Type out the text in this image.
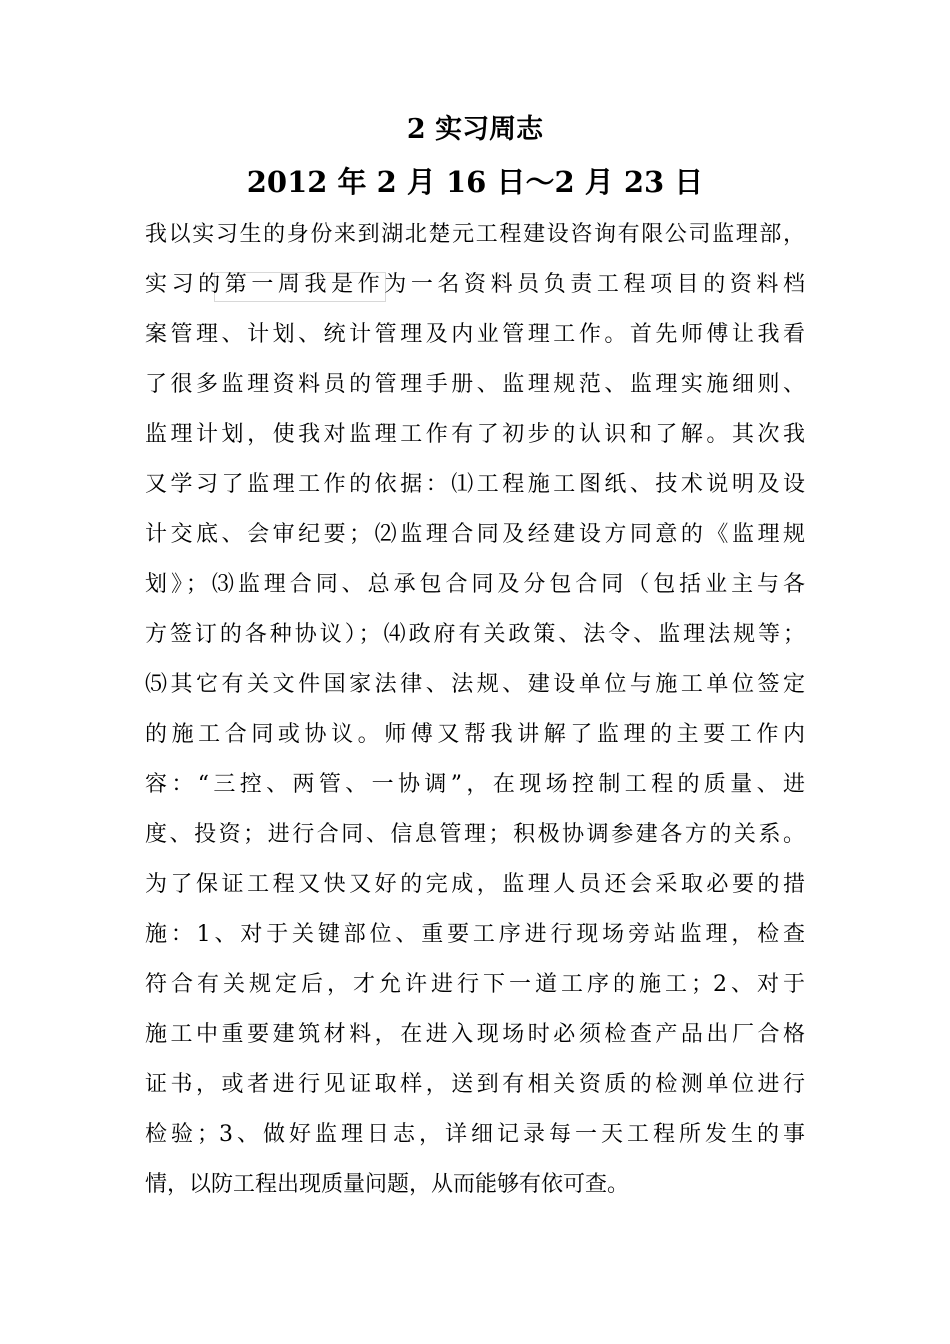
2 实习周志
2012 年 2 月 16 日～2 月 23 日
我以实习生的身份来到湖北楚元工程建设咨询有限公司监理部，
实习的第一周我是作为一名资料员负责工程项目的资料档
案管理、计划、统计管理及内业管理工作。首先师傅让我看
了很多监理资料员的管理手册、监理规范、监理实施细则、
监理计划，使我对监理工作有了初步的认识和了解。其次我
又学习了监理工作的依据：⑴工程施工图纸、技术说明及设
计交底、会审纪要；⑵监理合同及经建设方同意的《监理规
划》；⑶监理合同、总承包合同及分包合同（包括业主与各
方签订的各种协议）；⑷政府有关政策、法令、监理法规等；
⑸其它有关文件国家法律、法规、建设单位与施工单位签定
的施工合同或协议。师傅又帮我讲解了监理的主要工作内
容：“三控、两管、一协调”，在现场控制工程的质量、进
度、投资；进行合同、信息管理；积极协调参建各方的关系。
为了保证工程又快又好的完成，监理人员还会采取必要的措
施：1、对于关键部位、重要工序进行现场旁站监理，检查
符合有关规定后，才允许进行下一道工序的施工；2、对于
施工中重要建筑材料，在进入现场时必须检查产品出厂合格
证书，或者进行见证取样，送到有相关资质的检测单位进行
检验；3、做好监理日志，详细记录每一天工程所发生的事
情，以防工程出现质量问题，从而能够有依可查。
